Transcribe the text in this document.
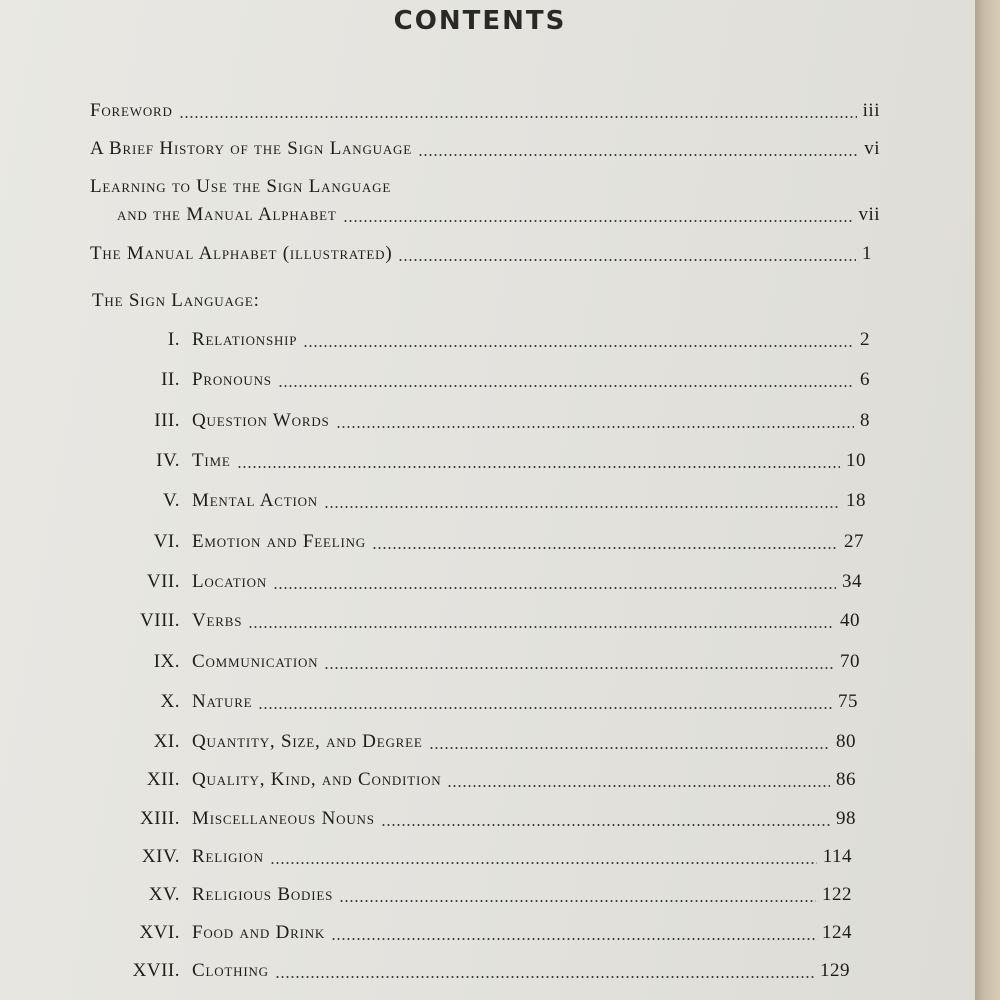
CONTENTS
Foreword	iii
A Brief History of the Sign Language	vi
Learning to Use the Sign Language
and the Manual Alphabet	vii
The Manual Alphabet (illustrated)	1
The Sign Language:
I. Relationship	2
II. Pronouns	6
III. Question Words	8
IV. Time	10
V. Mental Action	18
VI. Emotion and Feeling	27
VII. Location	34
VIII. Verbs	40
IX. Communication	70
X. Nature	75
XI. Quantity, Size, and Degree	80
XII. Quality, Kind, and Condition	86
XIII. Miscellaneous Nouns	98
XIV. Religion	114
XV. Religious Bodies	122
XVI. Food and Drink	124
XVII. Clothing	129
